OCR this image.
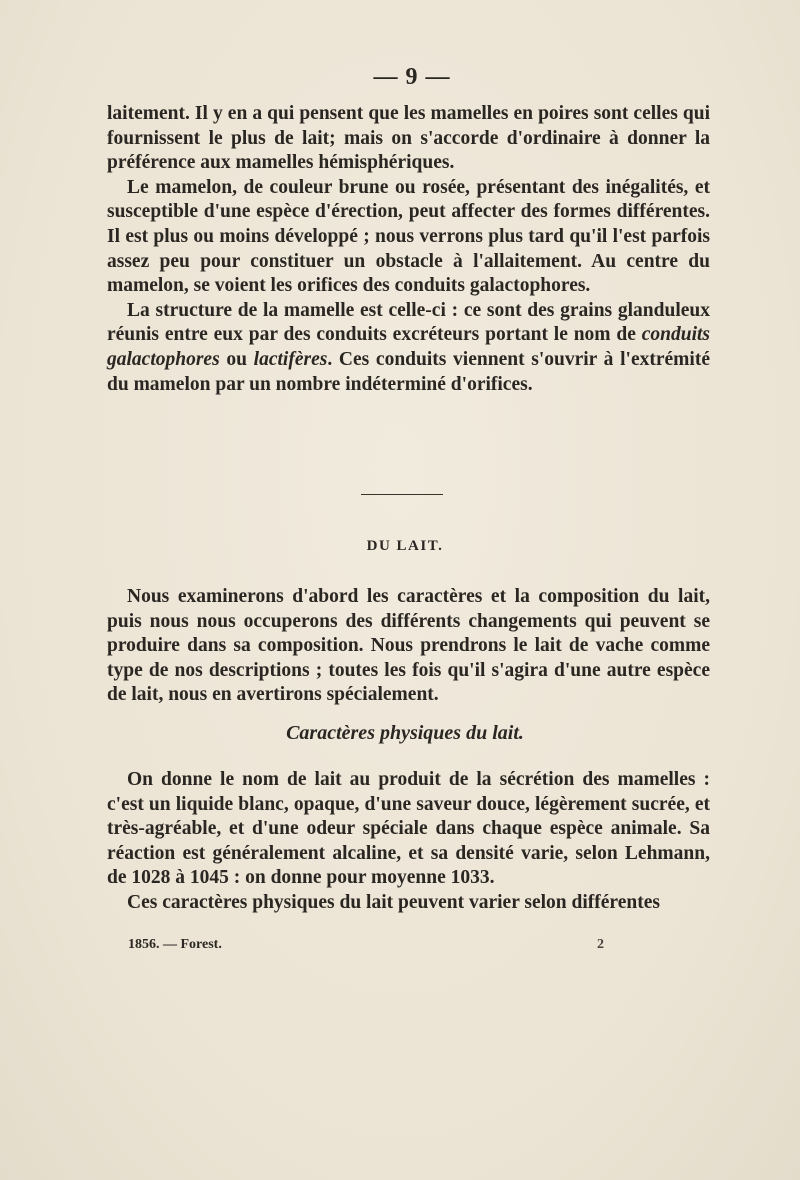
— 9 —

laitement. Il y en a qui pensent que les mamelles en poires sont celles qui fournissent le plus de lait; mais on s'accorde d'ordinaire à donner la préférence aux mamelles hémisphériques.

Le mamelon, de couleur brune ou rosée, présentant des inégalités, et susceptible d'une espèce d'érection, peut affecter des formes différentes. Il est plus ou moins développé ; nous verrons plus tard qu'il l'est parfois assez peu pour constituer un obstacle à l'allaitement. Au centre du mamelon, se voient les orifices des conduits galactophores.

La structure de la mamelle est celle-ci : ce sont des grains glanduleux réunis entre eux par des conduits excréteurs portant le nom de conduits galactophores ou lactifères. Ces conduits viennent s'ouvrir à l'extrémité du mamelon par un nombre indéterminé d'orifices.

DU LAIT.

Nous examinerons d'abord les caractères et la composition du lait, puis nous nous occuperons des différents changements qui peuvent se produire dans sa composition. Nous prendrons le lait de vache comme type de nos descriptions ; toutes les fois qu'il s'agira d'une autre espèce de lait, nous en avertirons spécialement.

Caractères physiques du lait.

On donne le nom de lait au produit de la sécrétion des mamelles : c'est un liquide blanc, opaque, d'une saveur douce, légèrement sucrée, et très-agréable, et d'une odeur spéciale dans chaque espèce animale. Sa réaction est généralement alcaline, et sa densité varie, selon Lehmann, de 1028 à 1045 : on donne pour moyenne 1033.

Ces caractères physiques du lait peuvent varier selon différentes

1856. — Forest.	2
